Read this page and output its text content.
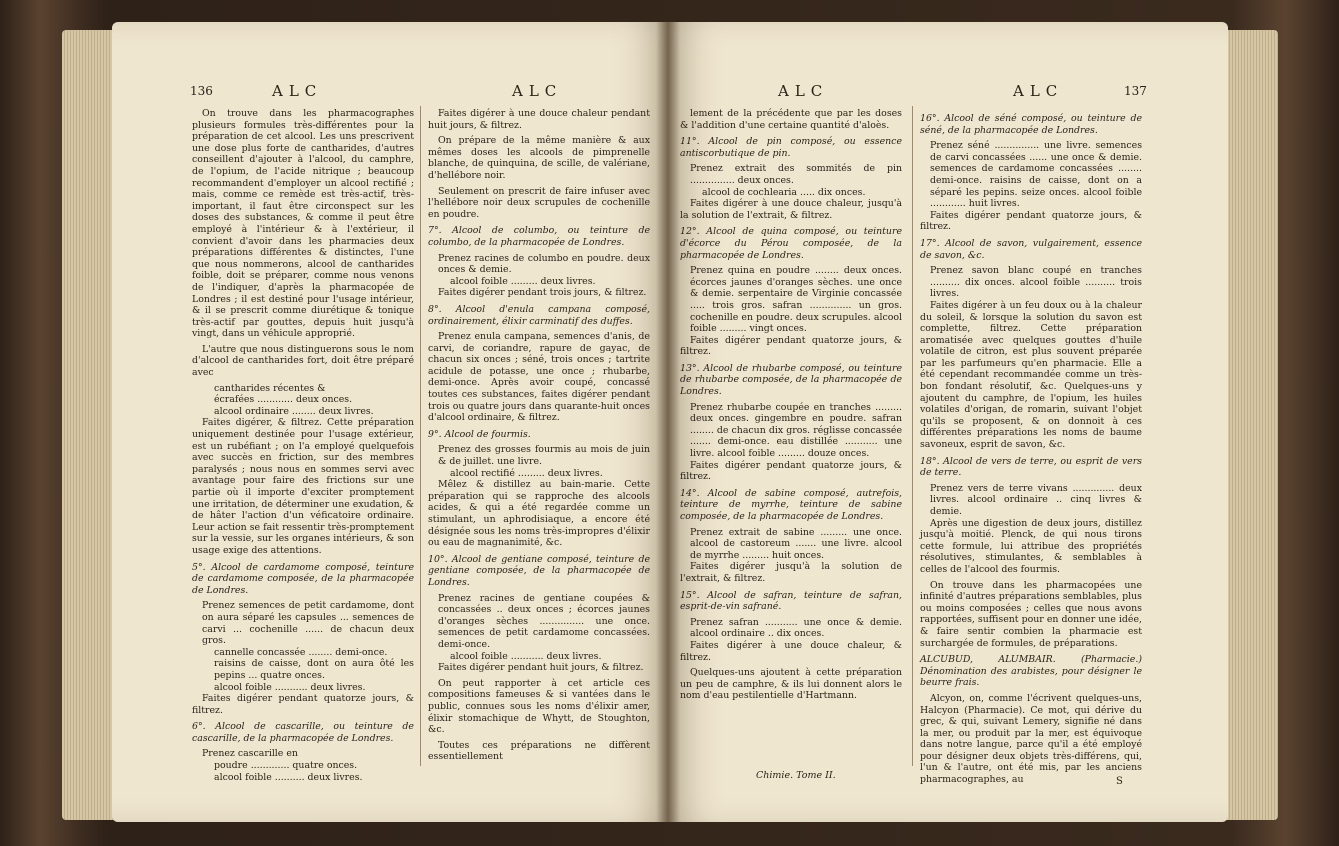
136	ALC	ALC

On trouve dans les pharmacographes plusieurs formules très-différentes pour la préparation de cet alcool. Les uns prescrivent une dose plus forte de cantharides, d'autres conseillent d'ajouter à l'alcool, du camphre, de l'opium, de l'acide nitrique ; beaucoup recommandent d'employer un alcool rectifié ; mais, comme ce remède est très-actif, très-important, il faut être circonspect sur les doses des substances, & comme il peut être employé à l'intérieur & à l'extérieur, il convient d'avoir dans les pharmacies deux préparations différentes & distinctes, l'une que nous nommerons, alcool de cantharides foible, doit se préparer, comme nous venons de l'indiquer, d'après la pharmacopée de Londres ; il est destiné pour l'usage intérieur, & il se prescrit comme diurétique & tonique très-actif par gouttes, depuis huit jusqu'à vingt, dans un véhicule approprié.

L'autre que nous distinguerons sous le nom d'alcool de cantharides fort, doit être préparé avec

cantharides récentes &
écrafées ............ deux onces.
alcool ordinaire ........ deux livres.

Faites digérer, & filtrez. Cette préparation uniquement destinée pour l'usage extérieur, est un rubéfiant ; on l'a employé quelquefois avec succès en friction, sur des membres paralysés ; nous nous en sommes servi avec avantage pour faire des frictions sur une partie où il importe d'exciter promptement une irritation, de déterminer une exudation, & de hâter l'action d'un véficatoire ordinaire. Leur action se fait ressentir très-promptement sur la vessie, sur les organes intérieurs, & son usage exige des attentions.

5°. Alcool de cardamome composé, teinture de cardamome composée, de la pharmacopée de Londres.

Prenez semences de petit cardamome, dont on aura séparé les capsules ... semences de carvi ... cochenille ...... de chacun deux gros.

cannelle concassée ........ demi-once.
raisins de caisse, dont on aura ôté les pepins ... quatre onces.
alcool foible ........... deux livres.

Faites digérer pendant quatorze jours, & filtrez.

6°. Alcool de cascarille, ou teinture de cascarille, de la pharmacopée de Londres.

Prenez cascarille en

poudre ............. quatre onces.
alcool foible .......... deux livres.

Faites digérer à une douce chaleur pendant huit jours, & filtrez.

On prépare de la même manière & aux mêmes doses les alcools de pimprenelle blanche, de quinquina, de scille, de valériane, d'hellébore noir.

Seulement on prescrit de faire infuser avec l'hellébore noir deux scrupules de cochenille en poudre.

7°. Alcool de columbo, ou teinture de columbo, de la pharmacopée de Londres.

Prenez racines de columbo en poudre. deux onces & demie.

alcool foible ......... deux livres.

Faites digérer pendant trois jours, & filtrez.

8°. Alcool d'enula campana composé, ordinairement, élixir carminatif des duffes.

Prenez enula campana, semences d'anis, de carvi, de coriandre, rapure de gayac, de chacun six onces ; séné, trois onces ; tartrite acidule de potasse, une once ; rhubarbe, demi-once. Après avoir coupé, concassé toutes ces substances, faites digérer pendant trois ou quatre jours dans quarante-huit onces d'alcool ordinaire, & filtrez.

9°. Alcool de fourmis.

Prenez des grosses fourmis au mois de juin & de juillet. une livre.

alcool rectifié ......... deux livres.

Mêlez & distillez au bain-marie. Cette préparation qui se rapproche des alcools acides, & qui a été regardée comme un stimulant, un aphrodisiaque, a encore été désignée sous les noms très-impropres d'élixir ou eau de magnanimité, &c.

10°. Alcool de gentiane composé, teinture de gentiane composée, de la pharmacopée de Londres.

Prenez racines de gentiane coupées & concassées .. deux onces ; écorces jaunes d'oranges sèches ............... une once. semences de petit cardamome concassées. demi-once.

alcool foible ........... deux livres.

Faites digérer pendant huit jours, & filtrez.

On peut rapporter à cet article ces compositions fameuses & si vantées dans le public, connues sous les noms d'élixir amer, élixir stomachique de Whytt, de Stoughton, &c.

Toutes ces préparations ne diffèrent essentiellement

ALC	ALC	137

lement de la précédente que par les doses & l'addition d'une certaine quantité d'aloès.

11°. Alcool de pin composé, ou essence antiscorbutique de pin.

Prenez extrait des sommités de pin ............... deux onces.

alcool de cochlearia ..... dix onces.

Faites digérer à une douce chaleur, jusqu'à la solution de l'extrait, & filtrez.

12°. Alcool de quina composé, ou teinture d'écorce du Pérou composée, de la pharmacopée de Londres.

Prenez quina en poudre ........ deux onces. écorces jaunes d'oranges sèches. une once & demie. serpentaire de Virginie concassée ..... trois gros. safran .............. un gros. cochenille en poudre. deux scrupules. alcool foible ......... vingt onces.

Faites digérer pendant quatorze jours, & filtrez.

13°. Alcool de rhubarbe composé, ou teinture de rhubarbe composée, de la pharmacopée de Londres.

Prenez rhubarbe coupée en tranches ......... deux onces. gingembre en poudre. safran ........ de chacun dix gros. réglisse concassée ....... demi-once. eau distillée ........... une livre. alcool foible ......... douze onces.

Faites digérer pendant quatorze jours, & filtrez.

14°. Alcool de sabine composé, autrefois, teinture de myrrhe, teinture de sabine composée, de la pharmacopée de Londres.

Prenez extrait de sabine ......... une once. alcool de castoreum ....... une livre. alcool de myrrhe ......... huit onces.

Faites digérer jusqu'à la solution de l'extrait, & filtrez.

15°. Alcool de safran, teinture de safran, esprit-de-vin safrané.

Prenez safran ........... une once & demie. alcool ordinaire .. dix onces.

Faites digérer à une douce chaleur, & filtrez.

Quelques-uns ajoutent à cette préparation un peu de camphre, & ils lui donnent alors le nom d'eau pestilentielle d'Hartmann.

16°. Alcool de séné composé, ou teinture de séné, de la pharmacopée de Londres.

Prenez séné ............... une livre. semences de carvi concassées ...... une once & demie. semences de cardamome concassées ........ demi-once. raisins de caisse, dont on a séparé les pepins. seize onces. alcool foible ............ huit livres.

Faites digérer pendant quatorze jours, & filtrez.

17°. Alcool de savon, vulgairement, essence de savon, &c.

Prenez savon blanc coupé en tranches .......... dix onces. alcool foible .......... trois livres.

Faites digérer à un feu doux ou à la chaleur du soleil, & lorsque la solution du savon est complette, filtrez. Cette préparation aromatisée avec quelques gouttes d'huile volatile de citron, est plus souvent préparée par les parfumeurs qu'en pharmacie. Elle a été cependant recommandée comme un très-bon fondant résolutif, &c. Quelques-uns y ajoutent du camphre, de l'opium, les huiles volatiles d'origan, de romarin, suivant l'objet qu'ils se proposent, & on donnoit à ces différentes préparations les noms de baume savoneux, esprit de savon, &c.

18°. Alcool de vers de terre, ou esprit de vers de terre.

Prenez vers de terre vivans .............. deux livres. alcool ordinaire .. cinq livres & demie.

Après une digestion de deux jours, distillez jusqu'à moitié. Plenck, de qui nous tirons cette formule, lui attribue des propriétés résolutives, stimulantes, & semblables à celles de l'alcool des fourmis.

On trouve dans les pharmacopées une infinité d'autres préparations semblables, plus ou moins composées ; celles que nous avons rapportées, suffisent pour en donner une idée, & faire sentir combien la pharmacie est surchargée de formules, de préparations.

ALCUBUD, ALUMBAIR. (Pharmacie.) Dénomination des arabistes, pour désigner le beurre frais.

Alcyon, on, comme l'écrivent quelques-uns, Halcyon (Pharmacie). Ce mot, qui dérive du grec, & qui, suivant Lemery, signifie né dans la mer, ou produit par la mer, est équivoque dans notre langue, parce qu'il a été employé pour désigner deux objets très-différens, qui, l'un & l'autre, ont été mis, par les anciens pharmacographes, au

Chimie. Tome II.
S
